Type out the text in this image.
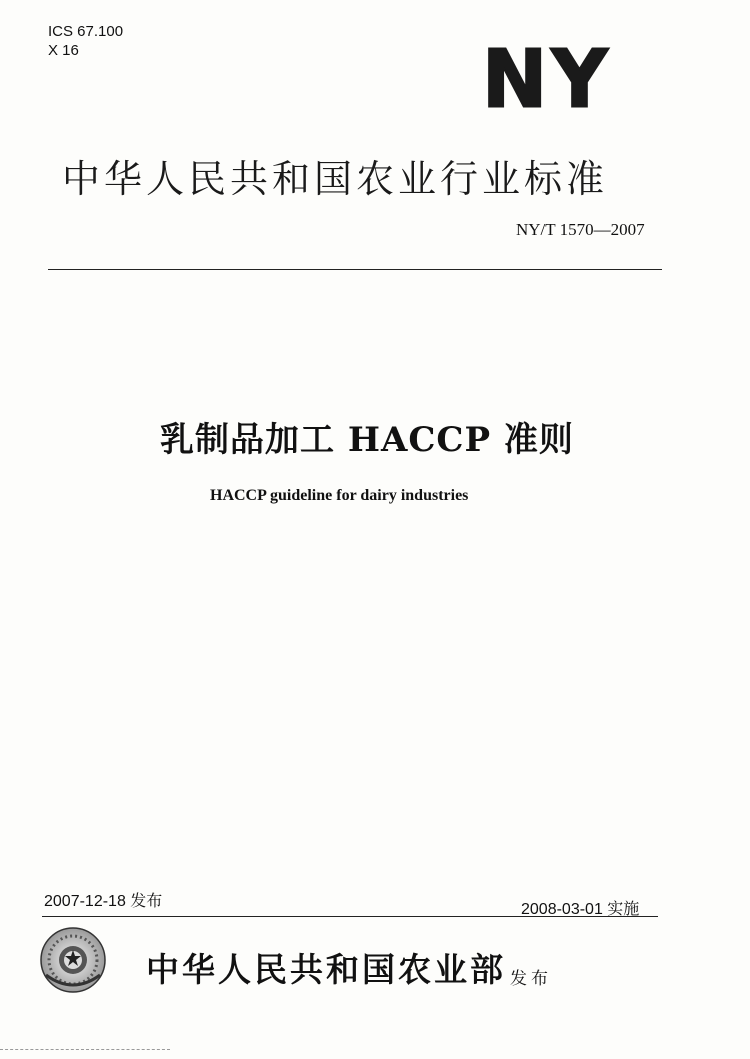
ICS 67.100
X 16	NY
中华人民共和国农业行业标准
NY/T 1570—2007
乳制品加工 HACCP 准则
HACCP guideline for dairy industries
2007-12-18 发布	2008-03-01 实施
中华人民共和国农业部 发布
